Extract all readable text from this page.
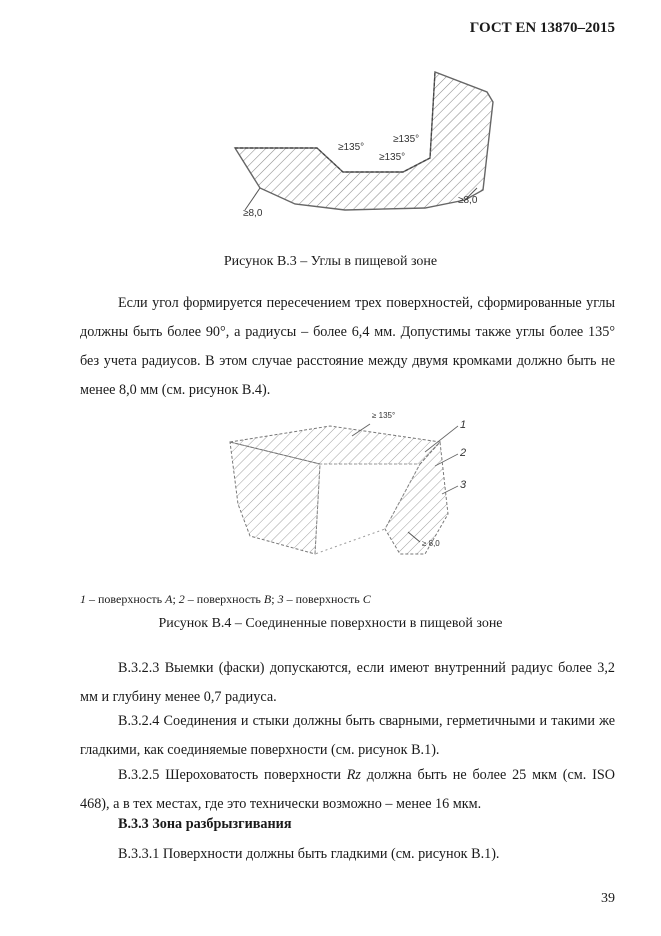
ГОСТ EN 13870–2015
≥135°
≥135°
≥135°
≥8,0
≥8,0
Рисунок В.3 – Углы в пищевой зоне

Если угол формируется пересечением трех поверхностей, сформированные углы должны быть более 90°, а радиусы – более 6,4 мм. Допустимы также углы более 135° без учета радиусов. В этом случае расстояние между двумя кромками должно быть не менее 8,0 мм (см. рисунок В.4).

≥ 135°
1
2
3
≥ 8,0
1 – поверхность A; 2 – поверхность B; 3 – поверхность C
Рисунок В.4 – Соединенные поверхности в пищевой зоне

В.3.2.3 Выемки (фаски) допускаются, если имеют внутренний радиус более 3,2 мм и глубину менее 0,7 радиуса.

В.3.2.4 Соединения и стыки должны быть сварными, герметичными и такими же гладкими, как соединяемые поверхности (см. рисунок В.1).

В.3.2.5 Шероховатость поверхности Rz должна быть не более 25 мкм (см. ISO 468), а в тех местах, где это технически возможно – менее 16 мкм.

В.3.3 Зона разбрызгивания

В.3.3.1 Поверхности должны быть гладкими (см. рисунок В.1).

39
